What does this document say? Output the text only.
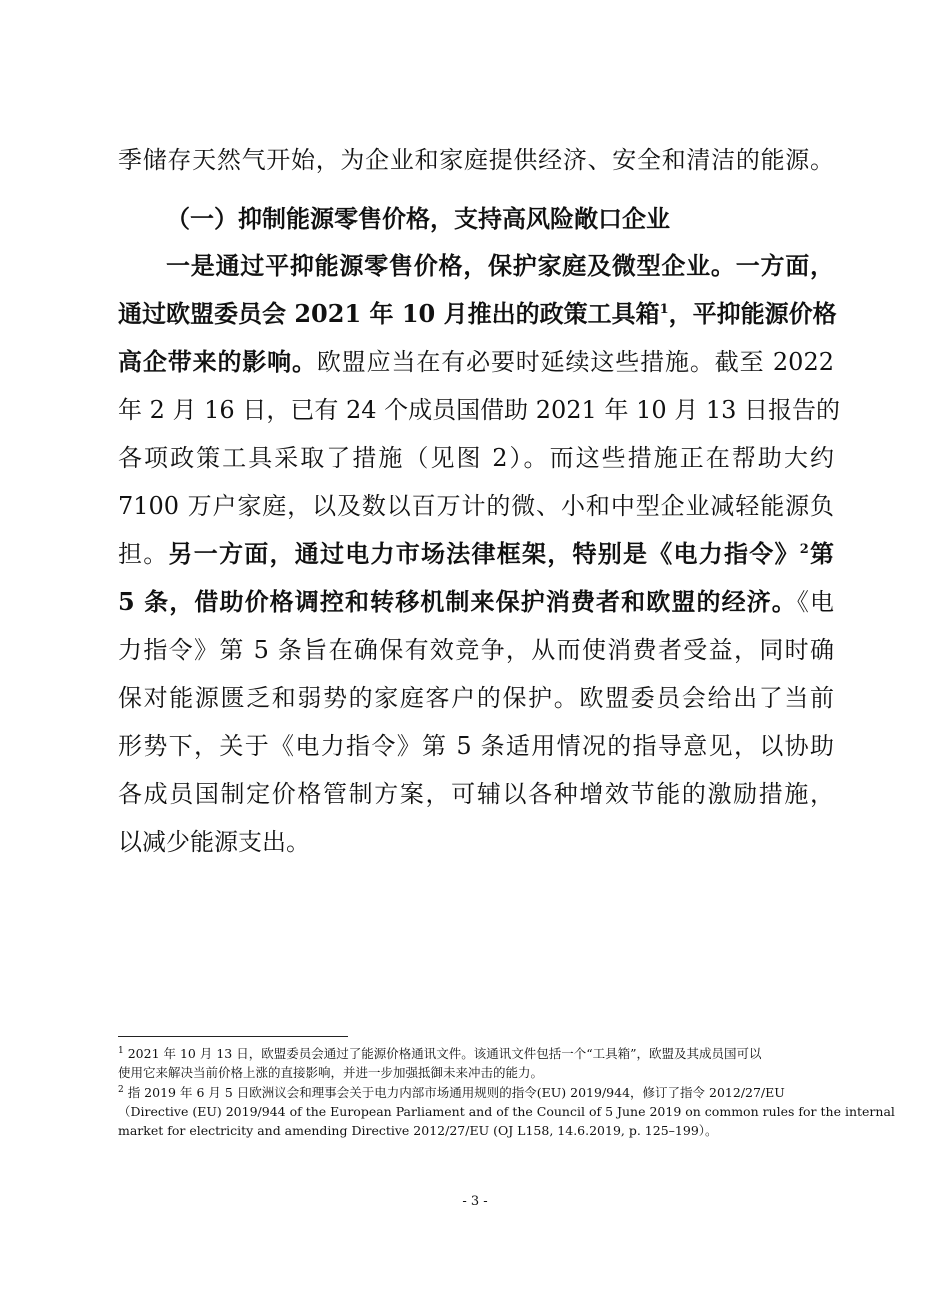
季储存天然气开始，为企业和家庭提供经济、安全和清洁的能源。
（一）抑制能源零售价格，支持高风险敞口企业
一是通过平抑能源零售价格，保护家庭及微型企业。一方面，
通过欧盟委员会 2021 年 10 月推出的政策工具箱$^1$，平抑能源价格
高企带来的影响。欧盟应当在有必要时延续这些措施。截至 2022
年 2 月 16 日，已有 24 个成员国借助 2021 年 10 月 13 日报告的
各项政策工具采取了措施（见图 2）。而这些措施正在帮助大约
7100 万户家庭，以及数以百万计的微、小和中型企业减轻能源负
担。另一方面，通过电力市场法律框架，特别是《电力指令》$^2$第
5 条，借助价格调控和转移机制来保护消费者和欧盟的经济。《电
力指令》第 5 条旨在确保有效竞争，从而使消费者受益，同时确
保对能源匮乏和弱势的家庭客户的保护。欧盟委员会给出了当前
形势下，关于《电力指令》第 5 条适用情况的指导意见，以协助
各成员国制定价格管制方案，可辅以各种增效节能的激励措施，
以减少能源支出。
$^1$ 2021 年 10 月 13 日，欧盟委员会通过了能源价格通讯文件。该通讯文件包括一个“工具箱”，欧盟及其成员国可以
使用它来解决当前价格上涨的直接影响，并进一步加强抵御未来冲击的能力。
$^2$ 指 2019 年 6 月 5 日欧洲议会和理事会关于电力内部市场通用规则的指令(EU) 2019/944，修订了指令 2012/27/EU
（Directive (EU) 2019/944 of the European Parliament and of the Council of 5 June 2019 on common rules for the internal
market for electricity and amending Directive 2012/27/EU (OJ L158, 14.6.2019, p. 125–199）。
- 3 -
